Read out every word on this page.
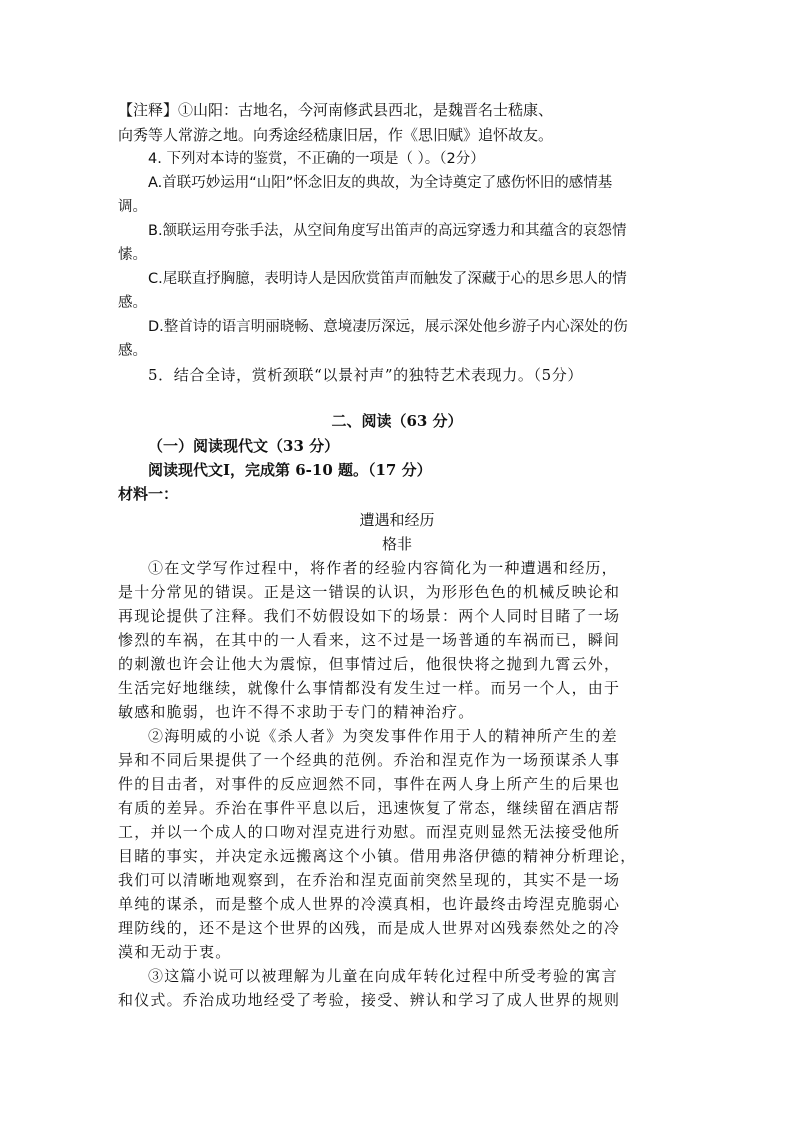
【注释】①山阳：古地名，今河南修武县西北，是魏晋名士嵇康、
向秀等人常游之地。向秀途经嵇康旧居，作《思旧赋》追怀故友。
4. 下列对本诗的鉴赏，不正确的一项是（ ）。（2分）
A.首联巧妙运用“山阳”怀念旧友的典故，为全诗奠定了感伤怀旧的感情基
调。
B.颔联运用夸张手法，从空间角度写出笛声的高远穿透力和其蕴含的哀怨情
愫。
C.尾联直抒胸臆，表明诗人是因欣赏笛声而触发了深藏于心的思乡思人的情
感。
D.整首诗的语言明丽晓畅、意境凄厉深远，展示深处他乡游子内心深处的伤
感。
5．结合全诗，赏析颈联“以景衬声”的独特艺术表现力。（5分）
二、阅读（63 分）
（一）阅读现代文（33 分）
阅读现代文Ⅰ，完成第 6-10 题。（17 分）
材料一：
遭遇和经历
格非
①在文学写作过程中，将作者的经验内容简化为一种遭遇和经历，
是十分常见的错误。正是这一错误的认识，为形形色色的机械反映论和
再现论提供了注释。我们不妨假设如下的场景：两个人同时目睹了一场
惨烈的车祸，在其中的一人看来，这不过是一场普通的车祸而已，瞬间
的刺激也许会让他大为震惊，但事情过后，他很快将之抛到九霄云外，
生活完好地继续，就像什么事情都没有发生过一样。而另一个人，由于
敏感和脆弱，也许不得不求助于专门的精神治疗。
②海明威的小说《杀人者》为突发事件作用于人的精神所产生的差
异和不同后果提供了一个经典的范例。乔治和涅克作为一场预谋杀人事
件的目击者，对事件的反应迥然不同，事件在两人身上所产生的后果也
有质的差异。乔治在事件平息以后，迅速恢复了常态，继续留在酒店帮
工，并以一个成人的口吻对涅克进行劝慰。而涅克则显然无法接受他所
目睹的事实，并决定永远搬离这个小镇。借用弗洛伊德的精神分析理论，
我们可以清晰地观察到，在乔治和涅克面前突然呈现的，其实不是一场
单纯的谋杀，而是整个成人世界的冷漠真相，也许最终击垮涅克脆弱心
理防线的，还不是这个世界的凶残，而是成人世界对凶残泰然处之的冷
漠和无动于衷。
③这篇小说可以被理解为儿童在向成年转化过程中所受考验的寓言
和仪式。乔治成功地经受了考验，接受、辨认和学习了成人世界的规则
